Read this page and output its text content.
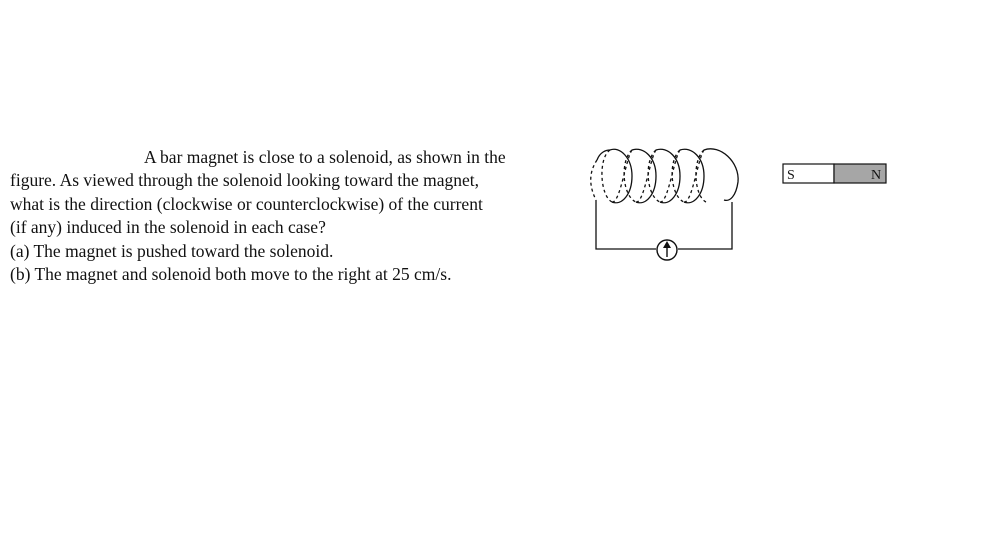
A bar magnet is close to a solenoid, as shown in the

figure. As viewed through the solenoid looking toward the magnet,

what is the direction (clockwise or counterclockwise) of the current

(if any) induced in the solenoid in each case?

(a) The magnet is pushed toward the solenoid.

(b) The magnet and solenoid both move to the right at 25 cm/s.

S	N
